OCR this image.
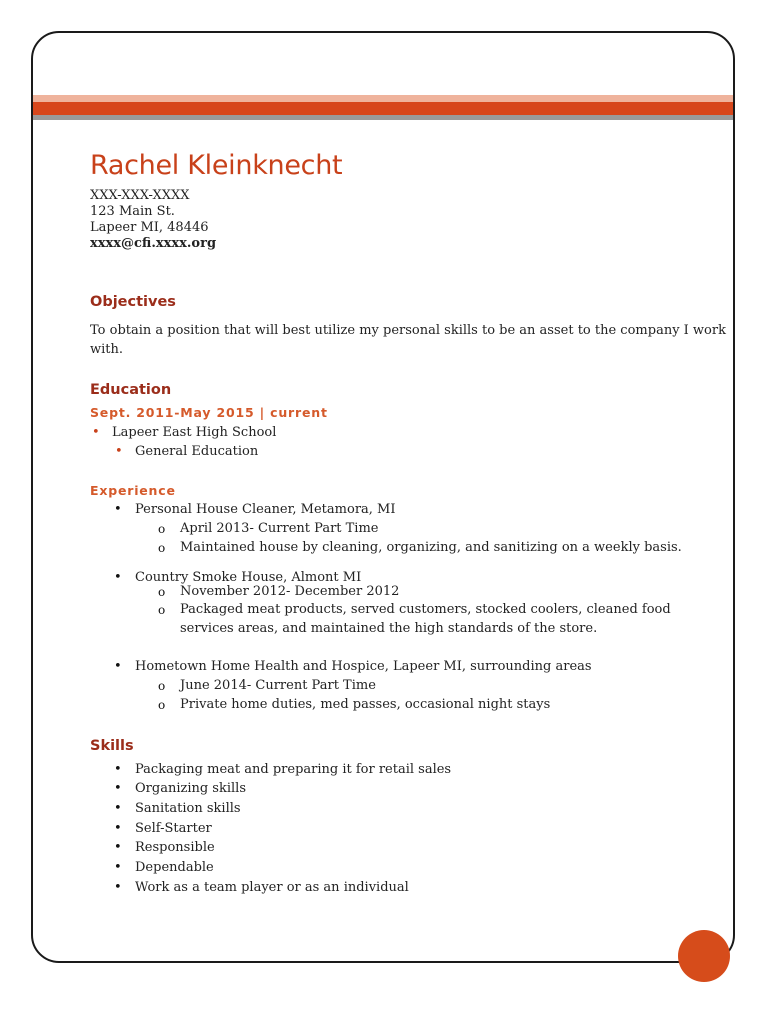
Rachel Kleinknecht
XXX-XXX-XXXX
123 Main St.
Lapeer MI, 48446
xxxx@cfi.xxxx.org
Objectives
To obtain a position that will best utilize my personal skills to be an asset to the company I work
with.
Education
Sept. 2011-May 2015 | current
• Lapeer East High School
• General Education
Experience
• Personal House Cleaner, Metamora, MI
o April 2013- Current Part Time
o Maintained house by cleaning, organizing, and sanitizing on a weekly basis.
• Country Smoke House, Almont MI
o November 2012- December 2012
o Packaged meat products, served customers, stocked coolers, cleaned food
services areas, and maintained the high standards of the store.
• Hometown Home Health and Hospice, Lapeer MI, surrounding areas
o June 2014- Current Part Time
o Private home duties, med passes, occasional night stays
Skills
• Packaging meat and preparing it for retail sales
• Organizing skills
• Sanitation skills
• Self-Starter
• Responsible
• Dependable
• Work as a team player or as an individual
